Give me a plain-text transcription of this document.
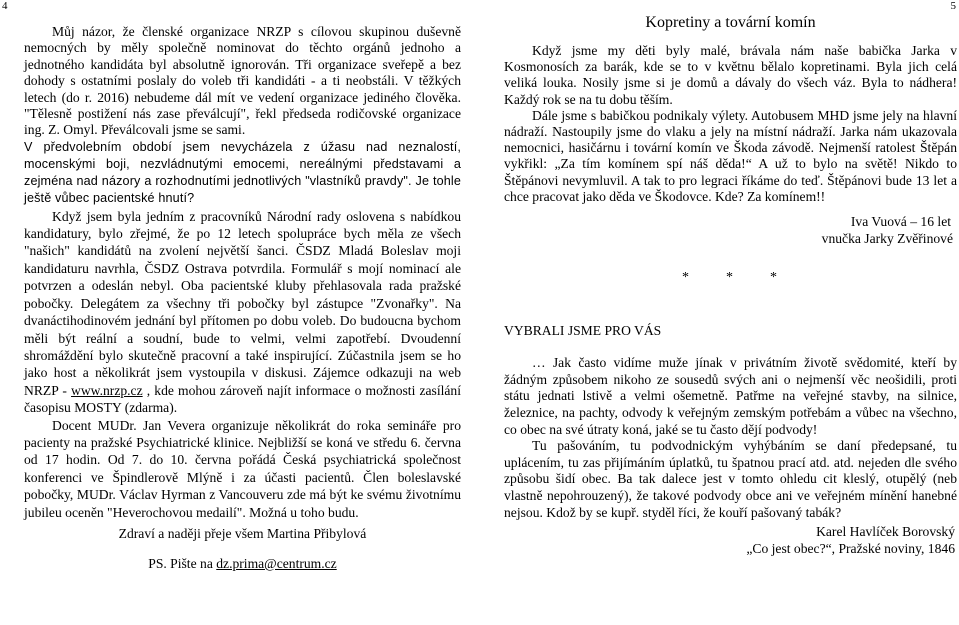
4	5

Můj názor, že členské organizace NRZP s cílovou skupinou duševně nemocných by měly společně nominovat do těchto orgánů jednoho a jednotného kandidáta byl absolutně ignorován. Tři organizace sveřepě a bez dohody s ostatními poslaly do voleb tři kandidáti - a ti neobstáli. V těžkých letech (do r. 2016) nebudeme dál mít ve vedení organizace jediného člověka. "Tělesně postižení nás zase převálcují", řekl předseda rodičovské organizace ing. Z. Omyl. Převálcovali jsme se sami.

V předvolebním období jsem nevycházela z úžasu nad neznalostí, mocenskými boji, nezvládnutými emocemi, nereálnými představami a zejména nad názory a rozhodnutími jednotlivých "vlastníků pravdy". Je tohle ještě vůbec pacientské hnutí?

Když jsem byla jedním z pracovníků Národní rady oslovena s nabídkou kandidatury, bylo zřejmé, že po 12 letech spolupráce bych měla ze všech "našich" kandidátů na zvolení největší šanci. ČSDZ Mladá Boleslav moji kandidaturu navrhla, ČSDZ Ostrava potvrdila. Formulář s mojí nominací ale potvrzen a odeslán nebyl. Oba pacientské kluby přehlasovala rada pražské pobočky. Delegátem za všechny tři pobočky byl zástupce "Zvonařky". Na dvanáctihodinovém jednání byl přítomen po dobu voleb. Do budoucna bychom měli být reální a soudní, bude to velmi, velmi zapotřebí. Dvoudenní shromáždění bylo skutečně pracovní a také inspirující. Zúčastnila jsem se ho jako host a několikrát jsem vystoupila v diskusi. Zájemce odkazuji na web NRZP - www.nrzp.cz , kde mohou zároveň najít informace o možnosti zasílání časopisu MOSTY (zdarma).

Docent MUDr. Jan Vevera organizuje několikrát do roka semináře pro pacienty na pražské Psychiatrické klinice. Nejbližší se koná ve středu 6. června od 17 hodin. Od 7. do 10. června pořádá Česká psychiatrická společnost konferenci ve Špindlerově Mlýně i za účasti pacientů. Člen boleslavské pobočky, MUDr. Václav Hyrman z Vancouveru zde má být ke svému životnímu jubileu oceněn "Heverochovou medailí". Možná u toho budu.

Zdraví a naději přeje všem Martina Přibylová

PS. Pište na dz.prima@centrum.cz

Kopretiny a tovární komín

Když jsme my děti byly malé, brávala nám naše babička Jarka v Kosmonosích za barák, kde se to v květnu bělalo kopretinami. Byla jich celá veliká louka. Nosily jsme si je domů a dávaly do všech váz. Byla to nádhera! Každý rok se na tu dobu těším.

Dále jsme s babičkou podnikaly výlety. Autobusem MHD jsme jely na hlavní nádraží. Nastoupily jsme do vlaku a jely na místní nádraží. Jarka nám ukazovala nemocnici, hasičárnu i tovární komín ve Škoda závodě. Nejmenší ratolest Štěpán vykřikl: „Za tím komínem spí náš děda!“ A už to bylo na světě! Nikdo to Štěpánovi nevymluvil. A tak to pro legraci říkáme do teď. Štěpánovi bude 13 let a chce pracovat jako děda ve Škodovce. Kde? Za komínem!!

Iva Vuová – 16 let

vnučka Jarky Zvěřinové

*	*	*

VYBRALI JSME PRO VÁS

… Jak často vidíme muže jínak v privátním životě svědomité, kteří by žádným způsobem nikoho ze sousedů svých ani o nejmenší věc neošidili, proti státu jednati lstivě a velmi ošemetně. Patřme na veřejné stavby, na silnice, železnice, na pachty, odvody k veřejným zemským potřebám a vůbec na všechno, co obec na své útraty koná, jaké se tu často dějí podvody!

Tu pašováním, tu podvodnickým vyhýbáním se daní předepsané, tu uplácením, tu zas přijímáním úplatků, tu špatnou prací atd. atd. nejeden dle svého způsobu šidí obec. Ba tak dalece jest v tomto ohledu cit kleslý, otupělý (neb vlastně nepohrouzený), že takové podvody obce ani ve veřejném mínění hanebné nejsou. Kdož by se kupř. styděl říci, že kouří pašovaný tabák?

Karel Havlíček Borovský

„Co jest obec?“, Pražské noviny, 1846
